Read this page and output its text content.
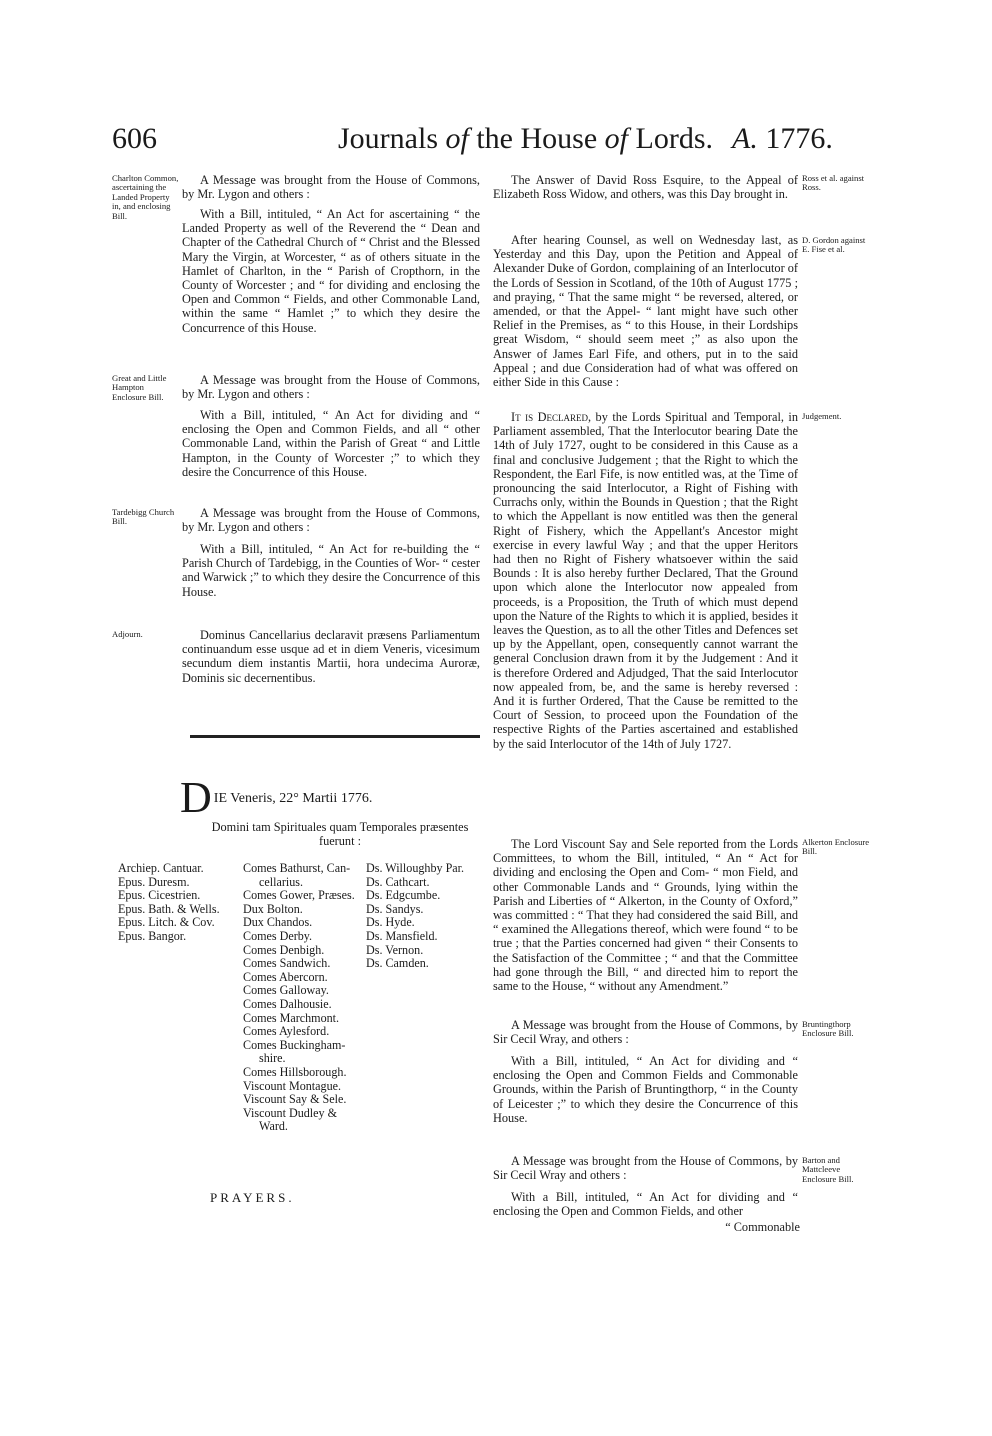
606	Journals of the House of Lords. A. 1776.
Charlton Common, ascertaining the Landed Property in, and enclosing Bill.
A Message was brought from the House of Commons, by Mr. Lygon and others :
With a Bill, intituled, “ An Act for ascertaining “ the Landed Property as well of the Reverend the “ Dean and Chapter of the Cathedral Church of “ Christ and the Blessed Mary the Virgin, at Worcester, “ as of others situate in the Hamlet of Charlton, in the “ Parish of Cropthorn, in the County of Worcester ; and “ for dividing and enclosing the Open and Common “ Fields, and other Commonable Land, within the same “ Hamlet ;” to which they desire the Concurrence of this House.
Great and Little Hampton Enclosure Bill.
A Message was brought from the House of Commons, by Mr. Lygon and others :
With a Bill, intituled, “ An Act for dividing and “ enclosing the Open and Common Fields, and all “ other Commonable Land, within the Parish of Great “ and Little Hampton, in the County of Worcester ;” to which they desire the Concurrence of this House.
Tardebigg Church Bill.
A Message was brought from the House of Commons, by Mr. Lygon and others :
With a Bill, intituled, “ An Act for re-building the “ Parish Church of Tardebigg, in the Counties of Wor- “ cester and Warwick ;” to which they desire the Concurrence of this House.
Adjourn.	Dominus Cancellarius declaravit præsens Parliamentum continuandum esse usque ad et in diem Veneris, vicesimum secundum diem instantis Martii, hora undecima Auroræ, Dominis sic decernentibus.
DIE Veneris, 22° Martii 1776.
Domini tam Spirituales quam Temporales præsentes fuerunt :
Archiep. Cantuar.
Epus. Duresm.
Epus. Cicestrien.
Epus. Bath. & Wells.
Epus. Litch. & Cov.
Epus. Bangor.
Comes Bathurst, Can-
cellarius.
Comes Gower, Præses.
Dux Bolton.
Dux Chandos.
Comes Derby.
Comes Denbigh.
Comes Sandwich.
Comes Abercorn.
Comes Galloway.
Comes Dalhousie.
Comes Marchmont.
Comes Aylesford.
Comes Buckingham-
shire.
Comes Hillsborough.
Viscount Montague.
Viscount Say & Sele.
Viscount Dudley &
Ward.
Ds. Willoughby Par.
Ds. Cathcart.
Ds. Edgcumbe.
Ds. Sandys.
Ds. Hyde.
Ds. Mansfield.
Ds. Vernon.
Ds. Camden.
PRAYERS.
Ross et al. against Ross.
The Answer of David Ross Esquire, to the Appeal of Elizabeth Ross Widow, and others, was this Day brought in.
D. Gordon against E. Fise et al.
After hearing Counsel, as well on Wednesday last, as Yesterday and this Day, upon the Petition and Appeal of Alexander Duke of Gordon, complaining of an Interlocutor of the Lords of Session in Scotland, of the 10th of August 1775 ; and praying, “ That the same might “ be reversed, altered, or amended, or that the Appel- “ lant might have such other Relief in the Premises, as “ to this House, in their Lordships great Wisdom, “ should seem meet ;” as also upon the Answer of James Earl Fife, and others, put in to the said Appeal ; and due Consideration had of what was offered on either Side in this Cause :
Judgement.
It is Declared, by the Lords Spiritual and Temporal, in Parliament assembled, That the Interlocutor bearing Date the 14th of July 1727, ought to be considered in this Cause as a final and conclusive Judgement ; that the Right to which the Respondent, the Earl Fife, is now entitled was, at the Time of pronouncing the said Interlocutor, a Right of Fishing with Currachs only, within the Bounds in Question ; that the Right to which the Appellant is now entitled was then the general Right of Fishery, which the Appellant's Ancestor might exercise in every lawful Way ; and that the upper Heritors had then no Right of Fishery whatsoever within the said Bounds : It is also hereby further Declared, That the Ground upon which alone the Interlocutor now appealed from proceeds, is a Proposition, the Truth of which must depend upon the Nature of the Rights to which it is applied, besides it leaves the Question, as to all the other Titles and Defences set up by the Appellant, open, consequently cannot warrant the general Conclusion drawn from it by the Judgement : And it is therefore Ordered and Adjudged, That the said Interlocutor now appealed from, be, and the same is hereby reversed : And it is further Ordered, That the Cause be remitted to the Court of Session, to proceed upon the Foundation of the respective Rights of the Parties ascertained and established by the said Interlocutor of the 14th of July 1727.
Alkerton Enclosure Bill.
The Lord Viscount Say and Sele reported from the Lords Committees, to whom the Bill, intituled, “ An “ Act for dividing and enclosing the Open and Com- “ mon Field, and other Commonable Lands and “ Grounds, lying within the Parish and Liberties of “ Alkerton, in the County of Oxford,” was committed : “ That they had considered the said Bill, and “ examined the Allegations thereof, which were found “ to be true ; that the Parties concerned had given “ their Consents to the Satisfaction of the Committee ; “ and that the Committee had gone through the Bill, “ and directed him to report the same to the House, “ without any Amendment.”
Bruntingthorp Enclosure Bill.
A Message was brought from the House of Commons, by Sir Cecil Wray, and others :
With a Bill, intituled, “ An Act for dividing and “ enclosing the Open and Common Fields and Commonable Grounds, within the Parish of Bruntingthorp, “ in the County of Leicester ;” to which they desire the Concurrence of this House.
Barton and Mattcleeve Enclosure Bill.
A Message was brought from the House of Commons, by Sir Cecil Wray and others :
With a Bill, intituled, “ An Act for dividing and “ enclosing the Open and Common Fields, and other
“ Commonable
